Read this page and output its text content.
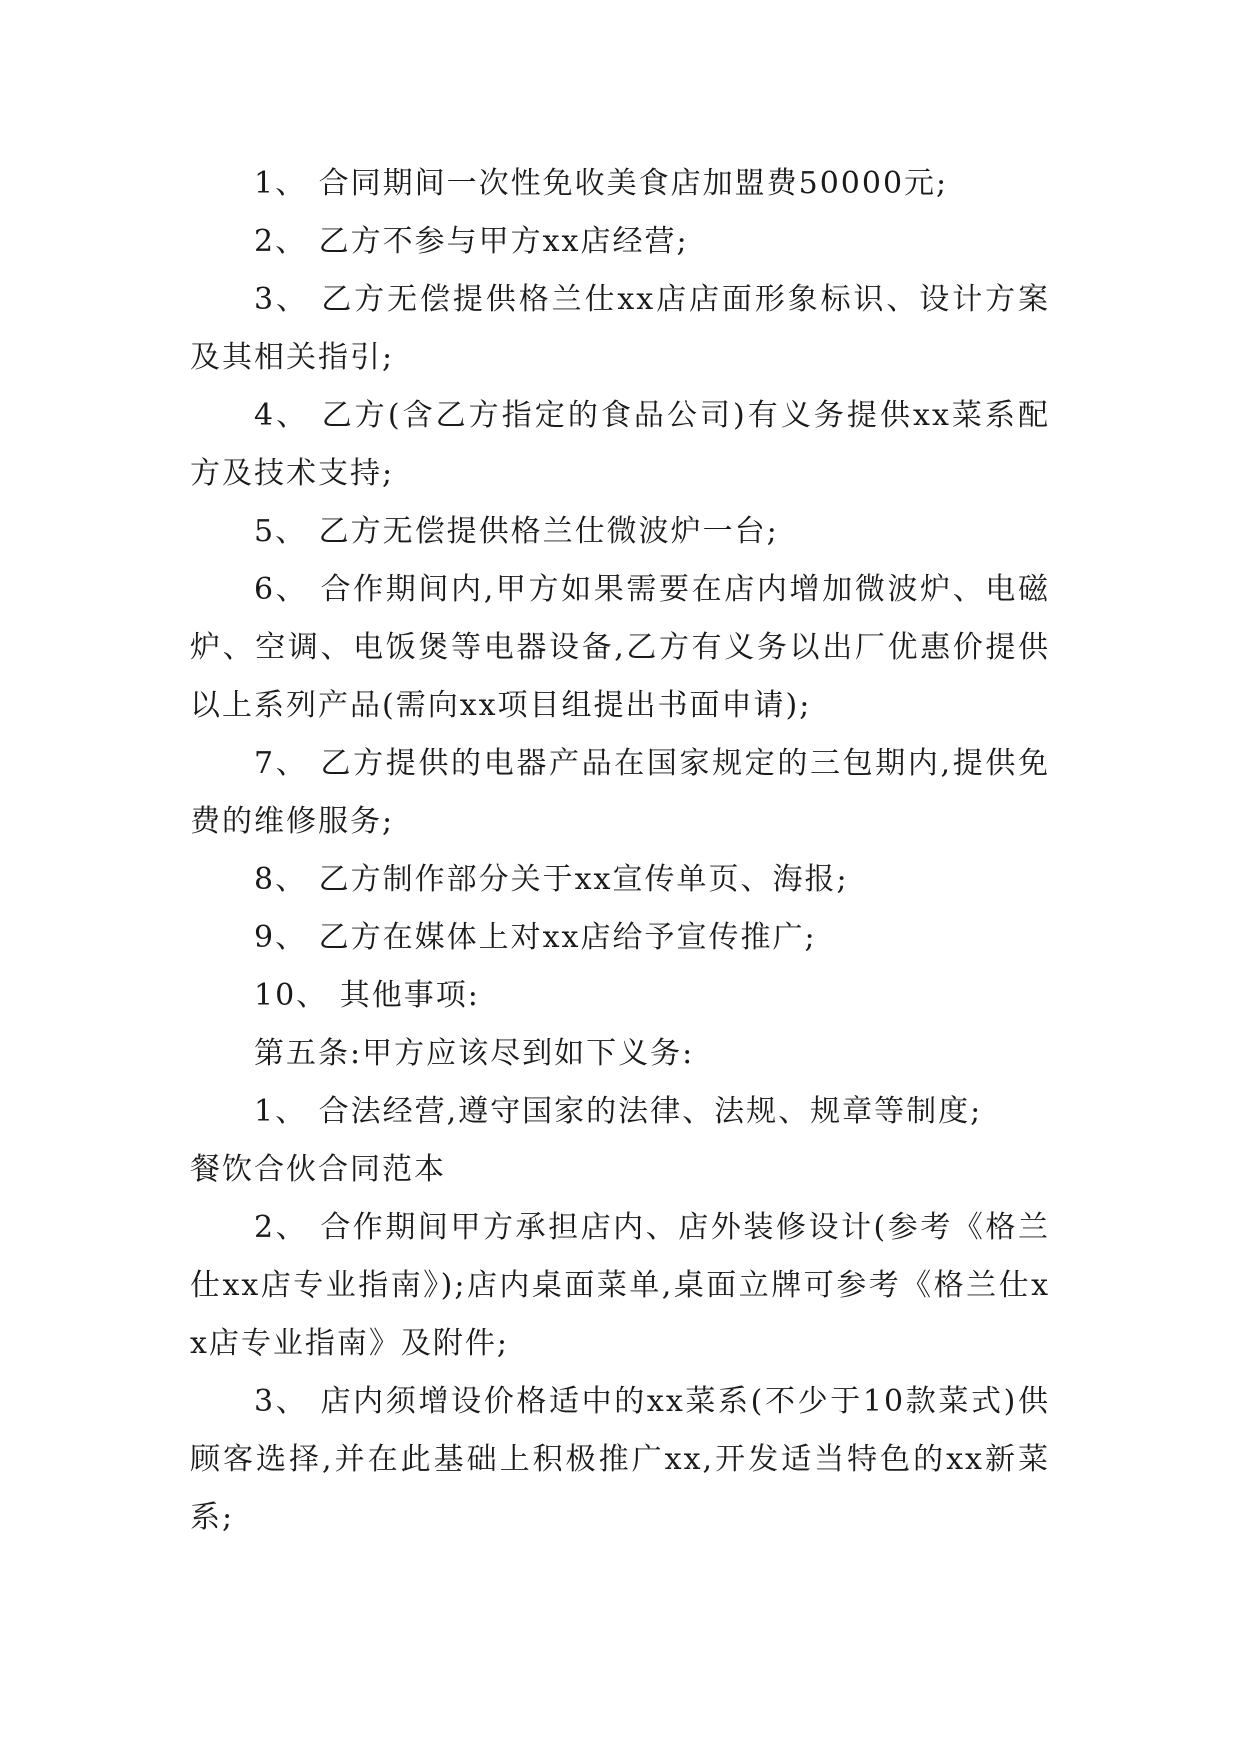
1、 合同期间一次性免收美食店加盟费50000元;

2、 乙方不参与甲方xx店经营;

3、 乙方无偿提供格兰仕xx店店面形象标识、设计方案及其相关指引;

4、 乙方(含乙方指定的食品公司)有义务提供xx菜系配方及技术支持;

5、 乙方无偿提供格兰仕微波炉一台;

6、 合作期间内,甲方如果需要在店内增加微波炉、电磁炉、空调、电饭煲等电器设备,乙方有义务以出厂优惠价提供以上系列产品(需向xx项目组提出书面申请);

7、 乙方提供的电器产品在国家规定的三包期内,提供免费的维修服务;

8、 乙方制作部分关于xx宣传单页、海报;

9、 乙方在媒体上对xx店给予宣传推广;

10、 其他事项:

第五条:甲方应该尽到如下义务:

1、 合法经营,遵守国家的法律、法规、规章等制度;

餐饮合伙合同范本

2、 合作期间甲方承担店内、店外装修设计(参考《格兰仕xx店专业指南》);店内桌面菜单,桌面立牌可参考《格兰仕xx店专业指南》及附件;

3、 店内须增设价格适中的xx菜系(不少于10款菜式)供顾客选择,并在此基础上积极推广xx,开发适当特色的xx新菜系;
